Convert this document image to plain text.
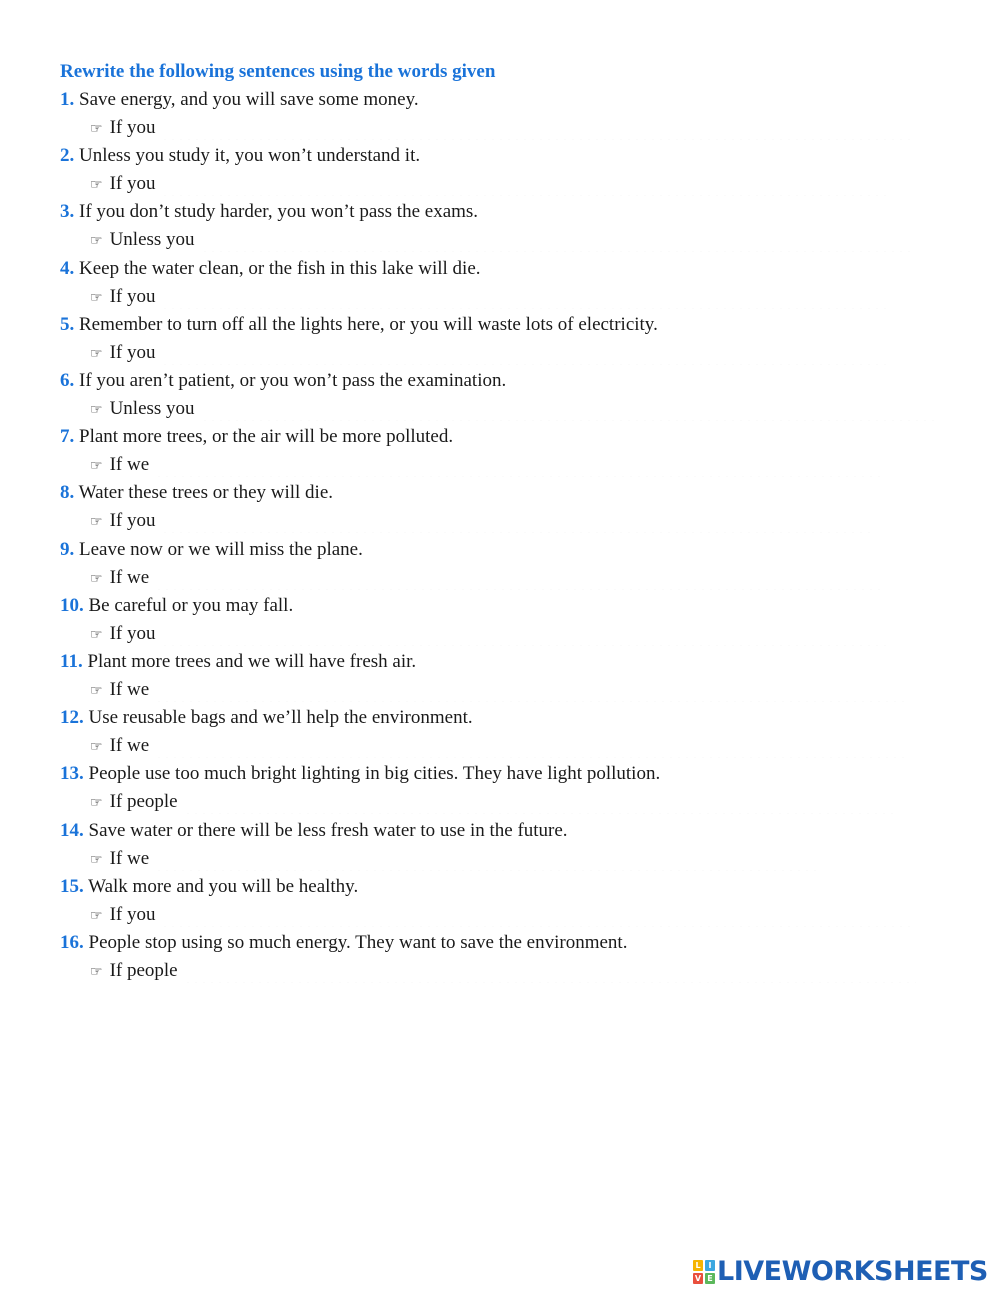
Rewrite the following sentences using the words given
1. Save energy, and you will save some money.
☞ If you
2. Unless you study it, you won’t understand it.
☞ If you
3. If you don’t study harder, you won’t pass the exams.
☞ Unless you
4. Keep the water clean, or the fish in this lake will die.
☞ If you
5. Remember to turn off all the lights here, or you will waste lots of electricity.
☞ If you
6. If you aren’t patient, or you won’t pass the examination.
☞ Unless you
7. Plant more trees, or the air will be more polluted.
☞ If we
8. Water these trees or they will die.
☞ If you
9. Leave now or we will miss the plane.
☞ If we
10. Be careful or you may fall.
☞ If you
11. Plant more trees and we will have fresh air.
☞ If we
12. Use reusable bags and we’ll help the environment.
☞ If we
13. People use too much bright lighting in big cities. They have light pollution.
☞ If people
14. Save water or there will be less fresh water to use in the future.
☞ If we
15. Walk more and you will be healthy.
☞ If you
16. People stop using so much energy. They want to save the environment.
☞ If people
L I
V E LIVEWORKSHEETS
